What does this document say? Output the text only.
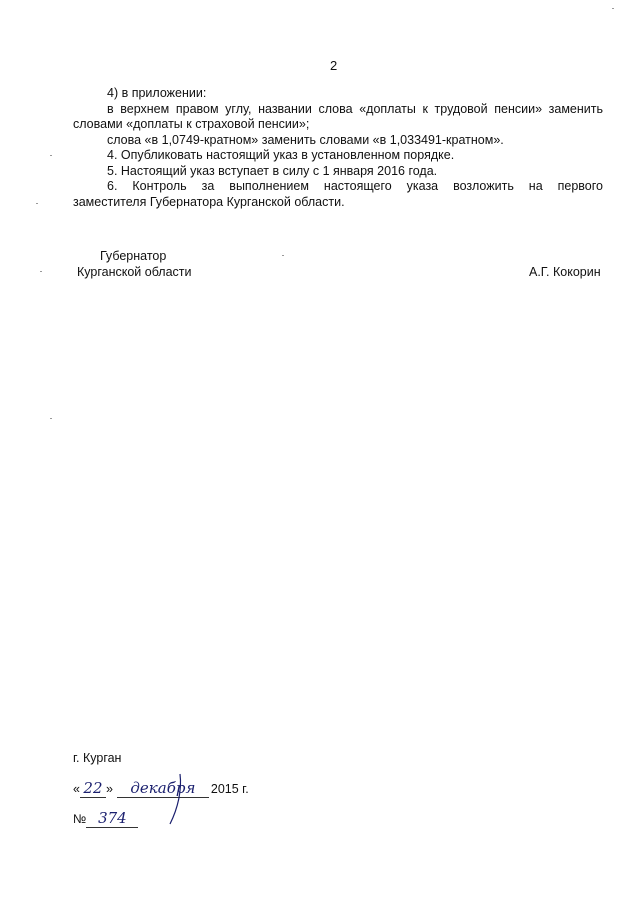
2
4) в приложении:
в верхнем правом углу, названии слова «доплаты к трудовой пенсии» заменить
словами «доплаты к страховой пенсии»;
слова «в 1,0749-кратном» заменить словами «в 1,033491-кратном».
4. Опубликовать настоящий указ в установленном порядке.
5. Настоящий указ вступает в силу с 1 января 2016 года.
6. Контроль за выполнением настоящего указа возложить на первого
заместителя Губернатора Курганской области.
Губернатор
Курганской области	А.Г. Кокорин
г. Курган
« 22 » декабря 2015 г.
№ 374
